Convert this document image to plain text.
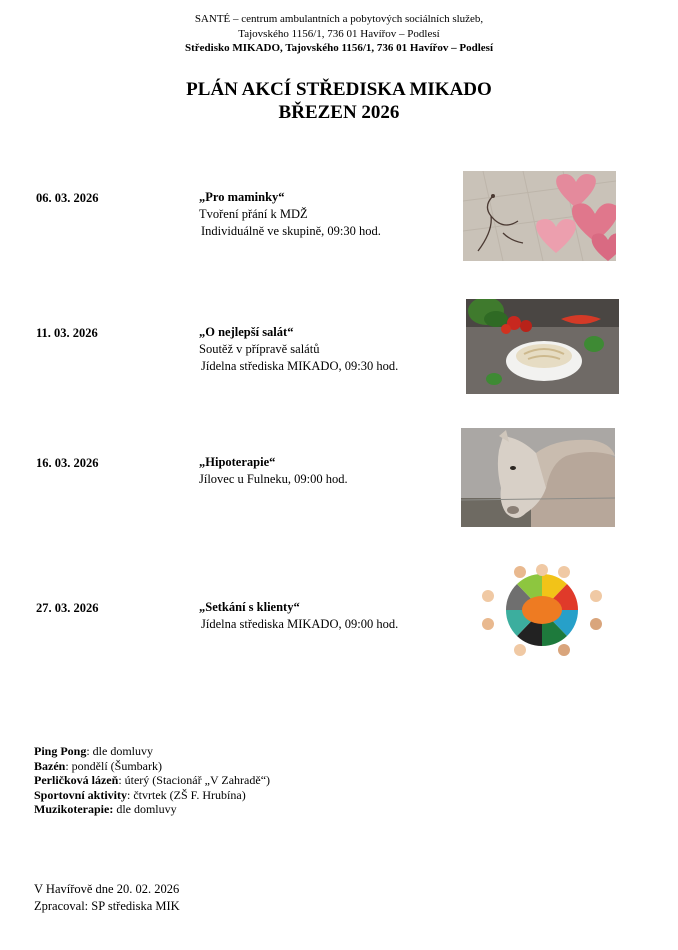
SANTÉ – centrum ambulantních a pobytových sociálních služeb,
Tajovského 1156/1, 736 01 Havířov – Podlesí
Středisko MIKADO, Tajovského 1156/1, 736 01 Havířov – Podlesí
PLÁN AKCÍ STŘEDISKA MIKADO
BŘEZEN 2026
06. 03. 2026	„Pro maminky“
Tvoření přání k MDŽ
Individuálně ve skupině, 09:30 hod.
11. 03. 2026	„O nejlepší salát“
Soutěž v přípravě salátů
Jídelna střediska MIKADO, 09:30 hod.
16. 03. 2026	„Hipoterapie“
Jílovec u Fulneku, 09:00 hod.
27. 03. 2026	„Setkání s klienty“
Jídelna střediska MIKADO, 09:00 hod.
Ping Pong: dle domluvy
Bazén: pondělí (Šumbark)
Perličková lázeň: úterý (Stacionář „V Zahradě“)
Sportovní aktivity: čtvrtek (ZŠ F. Hrubína)
Muzikoterapie: dle domluvy
V Havířově dne 20. 02. 2026
Zpracoval: SP střediska MIK
